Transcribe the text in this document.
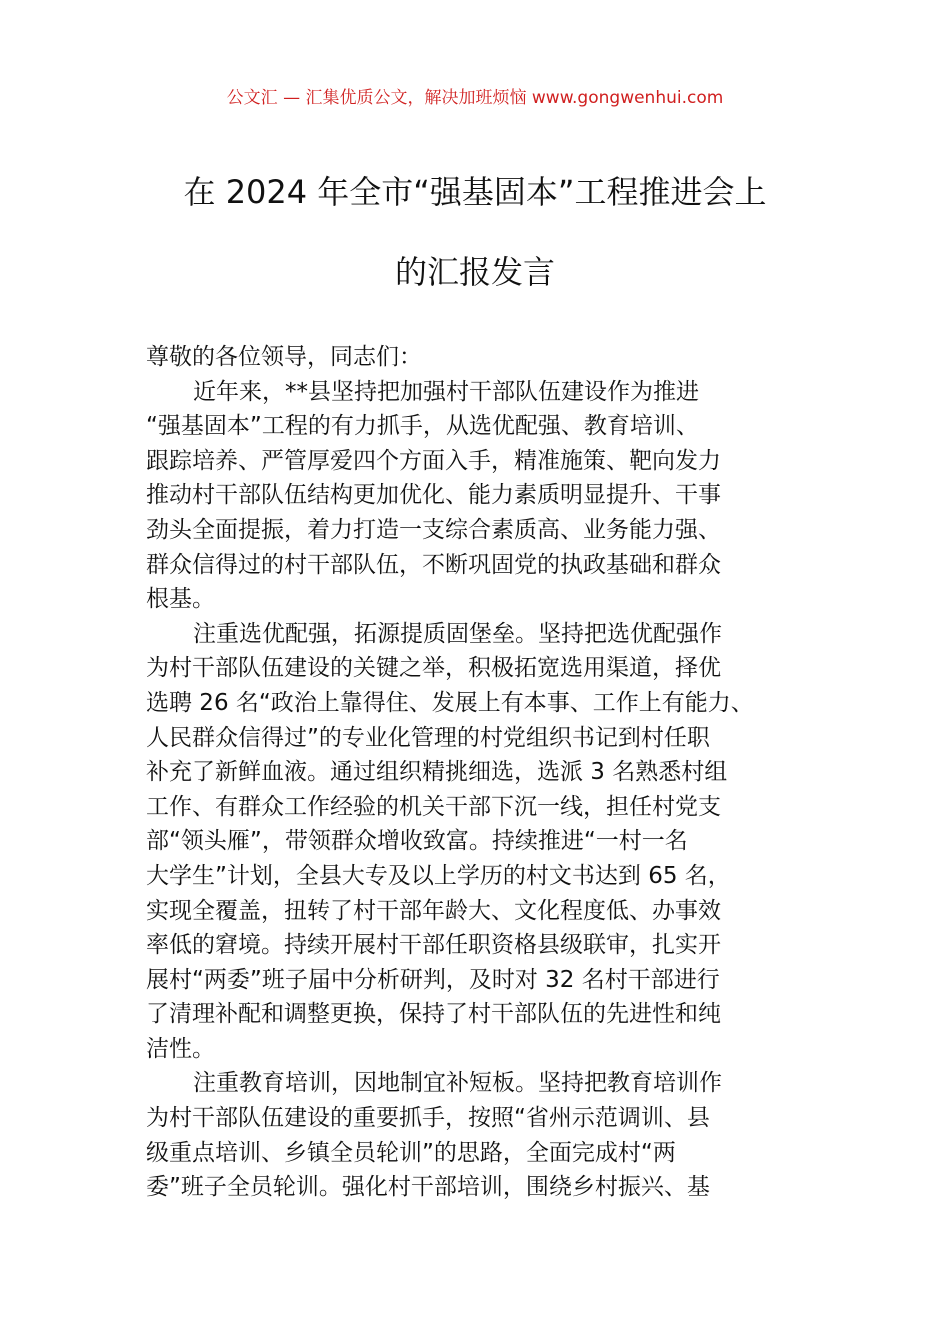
公文汇 — 汇集优质公文，解决加班烦恼 www.gongwenhui.com
在 2024 年全市“强基固本”工程推进会上
的汇报发言
尊敬的各位领导，同志们：
近年来，**县坚持把加强村干部队伍建设作为推进
“强基固本”工程的有力抓手，从选优配强、教育培训、
跟踪培养、严管厚爱四个方面入手，精准施策、靶向发力
推动村干部队伍结构更加优化、能力素质明显提升、干事
劲头全面提振，着力打造一支综合素质高、业务能力强、
群众信得过的村干部队伍，不断巩固党的执政基础和群众
根基。
注重选优配强，拓源提质固堡垒。坚持把选优配强作
为村干部队伍建设的关键之举，积极拓宽选用渠道，择优
选聘 26 名“政治上靠得住、发展上有本事、工作上有能力、
人民群众信得过”的专业化管理的村党组织书记到村任职
补充了新鲜血液。通过组织精挑细选，选派 3 名熟悉村组
工作、有群众工作经验的机关干部下沉一线，担任村党支
部“领头雁”，带领群众增收致富。持续推进“一村一名
大学生”计划，全县大专及以上学历的村文书达到 65 名，
实现全覆盖，扭转了村干部年龄大、文化程度低、办事效
率低的窘境。持续开展村干部任职资格县级联审，扎实开
展村“两委”班子届中分析研判，及时对 32 名村干部进行
了清理补配和调整更换，保持了村干部队伍的先进性和纯
洁性。
注重教育培训，因地制宜补短板。坚持把教育培训作
为村干部队伍建设的重要抓手，按照“省州示范调训、县
级重点培训、乡镇全员轮训”的思路，全面完成村“两
委”班子全员轮训。强化村干部培训，围绕乡村振兴、基
